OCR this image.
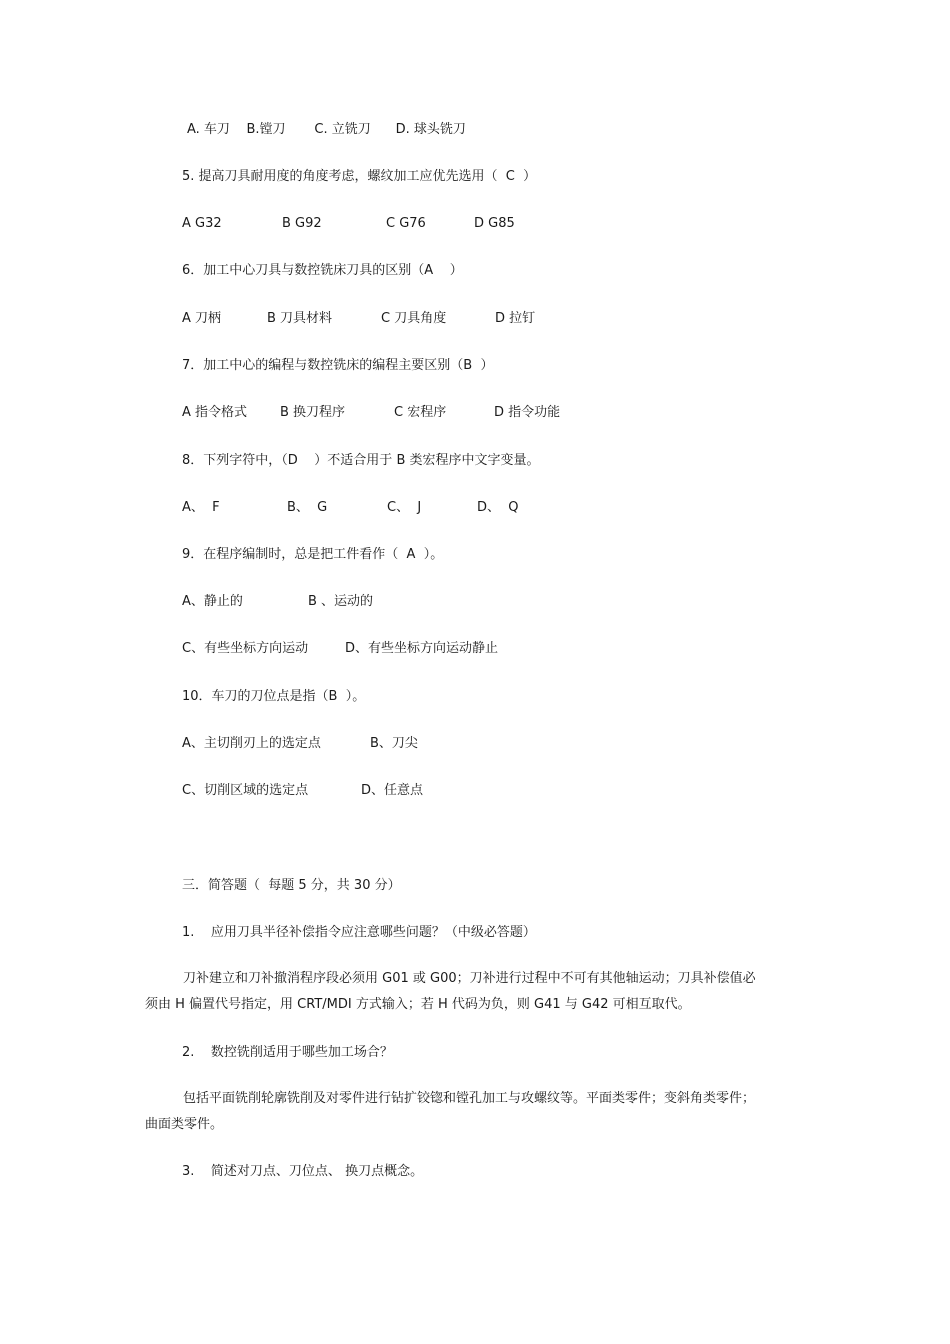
A. 车刀    B.镗刀       C. 立铣刀      D. 球头铣刀
5. 提高刀具耐用度的角度考虑，螺纹加工应优先选用（  C  ）
A G32	B G92	C G76	D G85
6．加工中心刀具与数控铣床刀具的区别（A    ）
A 刀柄	B 刀具材料	C 刀具角度	D 拉钉
7．加工中心的编程与数控铣床的编程主要区别（B  ）
A 指令格式	B 换刀程序	C 宏程序	D 指令功能
8．下列字符中，（D    ）不适合用于 B 类宏程序中文字变量。
A、  F	B、  G	C、  J	D、  Q
9．在程序编制时，总是把工件看作（  A  ）。
A、静止的	B 、运动的
C、有些坐标方向运动	D、有些坐标方向运动静止
10．车刀的刀位点是指（B  ）。
A、主切削刃上的选定点	B、刀尖
C、切削区域的选定点	D、任意点
三．简答题（  每题 5 分，共 30 分）
1.    应用刀具半径补偿指令应注意哪些问题？（中级必答题）
刀补建立和刀补撤消程序段必须用 G01 或 G00；刀补进行过程中不可有其他轴运动；刀具补偿值必
须由 H 偏置代号指定，用 CRT/MDI 方式输入；若 H 代码为负，则 G41 与 G42 可相互取代。
2.    数控铣削适用于哪些加工场合？
包括平面铣削轮廓铣削及对零件进行钻扩铰锪和镗孔加工与攻螺纹等。平面类零件；变斜角类零件；
曲面类零件。
3.    简述对刀点、刀位点、 换刀点概念。
